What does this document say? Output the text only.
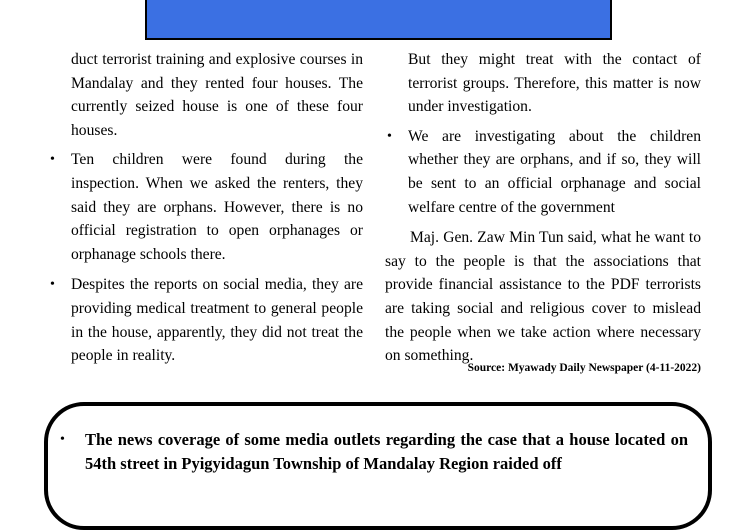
duct terrorist training and explosive courses in Mandalay and they rented four houses. The currently seized house is one of these four houses.
• Ten children were found during the inspection. When we asked the renters, they said they are orphans. However, there is no official registration to open orphanages or orphanage schools there.
• Despites the reports on social media, they are providing medical treatment to general people in the house, apparently, they did not treat the people in reality.
But they might treat with the contact of terrorist groups. Therefore, this matter is now under investigation.
• We are investigating about the children whether they are orphans, and if so, they will be sent to an official orphanage and social welfare centre of the government
Maj. Gen. Zaw Min Tun said, what he want to say to the people is that the associations that provide financial assistance to the PDF terrorists are taking social and religious cover to mislead the people when we take action where necessary on something.
Source: Myawady Daily Newspaper (4-11-2022)
• The news coverage of some media outlets regarding the case that a house located on 54th street in Pyigyidagun Township of Mandalay Region raided off
